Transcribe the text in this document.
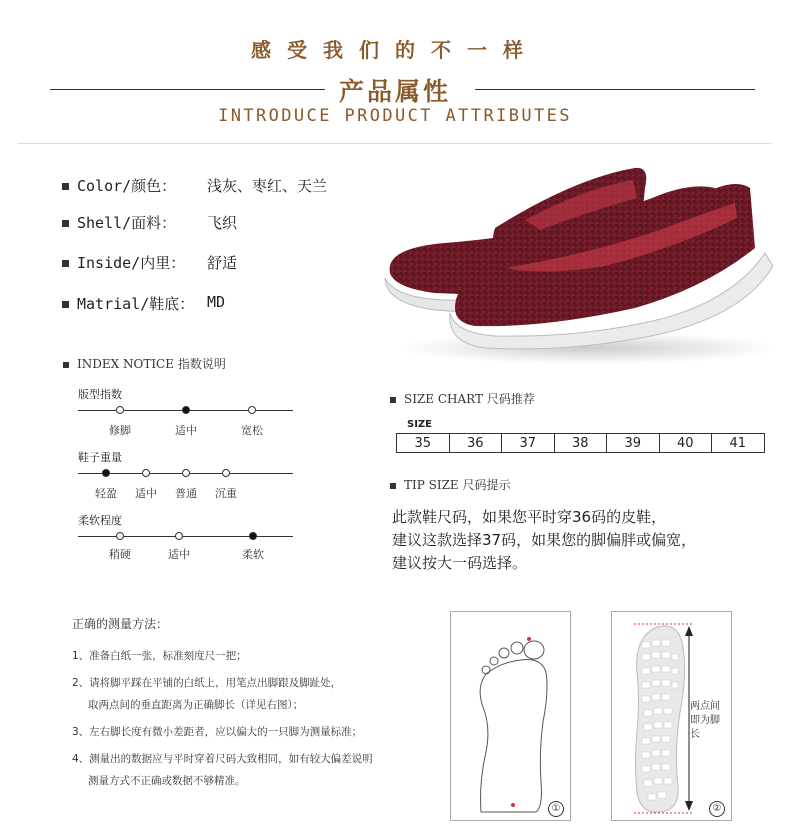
感受我们的不一样
产品属性
INTRODUCE PRODUCT ATTRIBUTES
Color/颜色： 浅灰、枣红、天兰
Shell/面料： 飞织
Inside/内里： 舒适
Matrial/鞋底： MD
INDEX NOTICE 指数说明
版型指数
修脚	适中	宽松
鞋子重量
轻盈	适中	普通	沉重
柔软程度
稍硬	适中	柔软
SIZE CHART 尺码推荐
SIZE
35	36	37	38	39	40	41
TIP SIZE 尺码提示
此款鞋尺码，如果您平时穿36码的皮鞋，
建议这款选择37码，如果您的脚偏胖或偏宽，
建议按大一码选择。
正确的测量方法：
1、准备白纸一张，标准刻度尺一把；
2、请将脚平踩在平铺的白纸上，用笔点出脚跟及脚趾处，
取两点间的垂直距离为正确脚长（详见右图）；
3、左右脚长度有微小差距者，应以偏大的一只脚为测量标准；
4、测量出的数据应与平时穿着尺码大致相同，如有较大偏差说明
测量方式不正确或数据不够精准。
①
两点间即为脚长
②
